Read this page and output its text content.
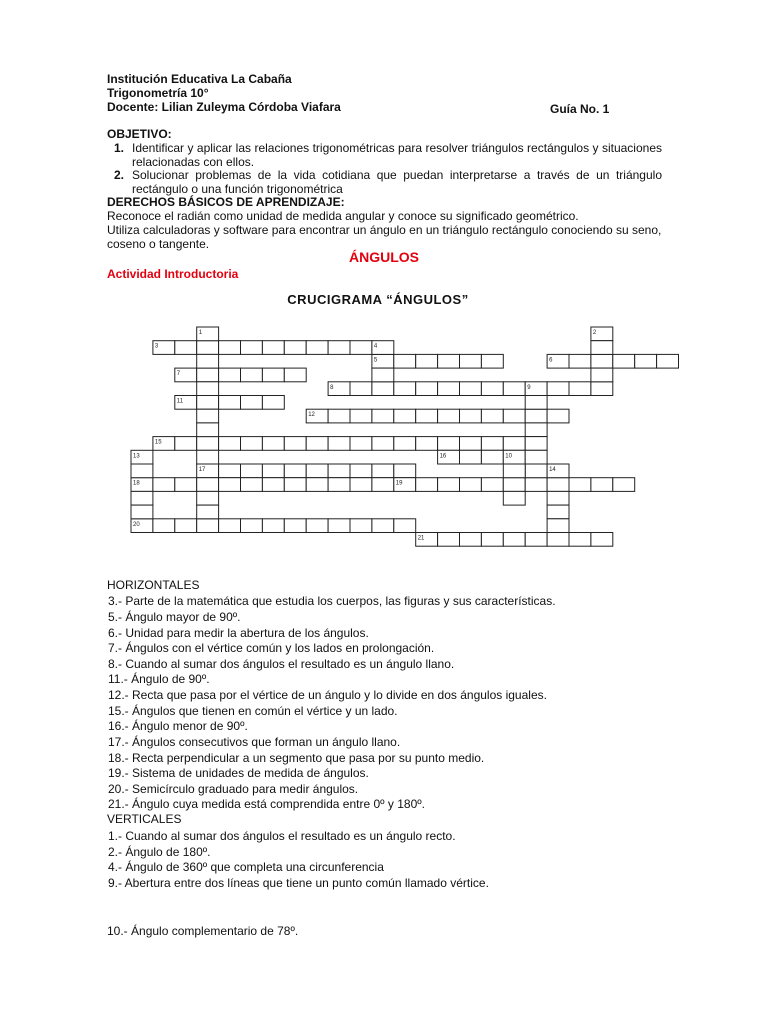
Institución Educativa La Cabaña
Trigonometría 10°
Docente: Lilian Zuleyma Córdoba Viafara	Guía No. 1
OBJETIVO:
1. Identificar y aplicar las relaciones trigonométricas para resolver triángulos rectángulos y situaciones relacionadas con ellos.
2. Solucionar problemas de la vida cotidiana que puedan interpretarse a través de un triángulo rectángulo o una función trigonométrica
DERECHOS BÁSICOS DE APRENDIZAJE:
Reconoce el radián como unidad de medida angular y conoce su significado geométrico.
Utiliza calculadoras y software para encontrar un ángulo en un triángulo rectángulo conociendo su seno, coseno o tangente.
ÁNGULOS
Actividad Introductoria
CRUCIGRAMA “ÁNGULOS”
1	2
3	4
5	6
7
8	9
10
11
12
13
14
15
16
17
18	19
20
21
HORIZONTALES
3.- Parte de la matemática que estudia los cuerpos, las figuras y sus características.
5.- Ángulo mayor de 90º.
6.- Unidad para medir la abertura de los ángulos.
7.- Ángulos con el vértice común y los lados en prolongación.
8.- Cuando al sumar dos ángulos el resultado es un ángulo llano.
11.- Ángulo de 90º.
12.- Recta que pasa por el vértice de un ángulo y lo divide en dos ángulos iguales.
15.- Ángulos que tienen en común el vértice y un lado.
16.- Ángulo menor de 90º.
17.- Ángulos consecutivos que forman un ángulo llano.
18.- Recta perpendicular a un segmento que pasa por su punto medio.
19.- Sistema de unidades de medida de ángulos.
20.- Semicírculo graduado para medir ángulos.
21.- Ángulo cuya medida está comprendida entre 0º y 180º.
VERTICALES
1.- Cuando al sumar dos ángulos el resultado es un ángulo recto.
2.- Ángulo de 180º.
4.- Ángulo de 360º que completa una circunferencia
9.- Abertura entre dos líneas que tiene un punto común llamado vértice.
10.- Ángulo complementario de 78º.
